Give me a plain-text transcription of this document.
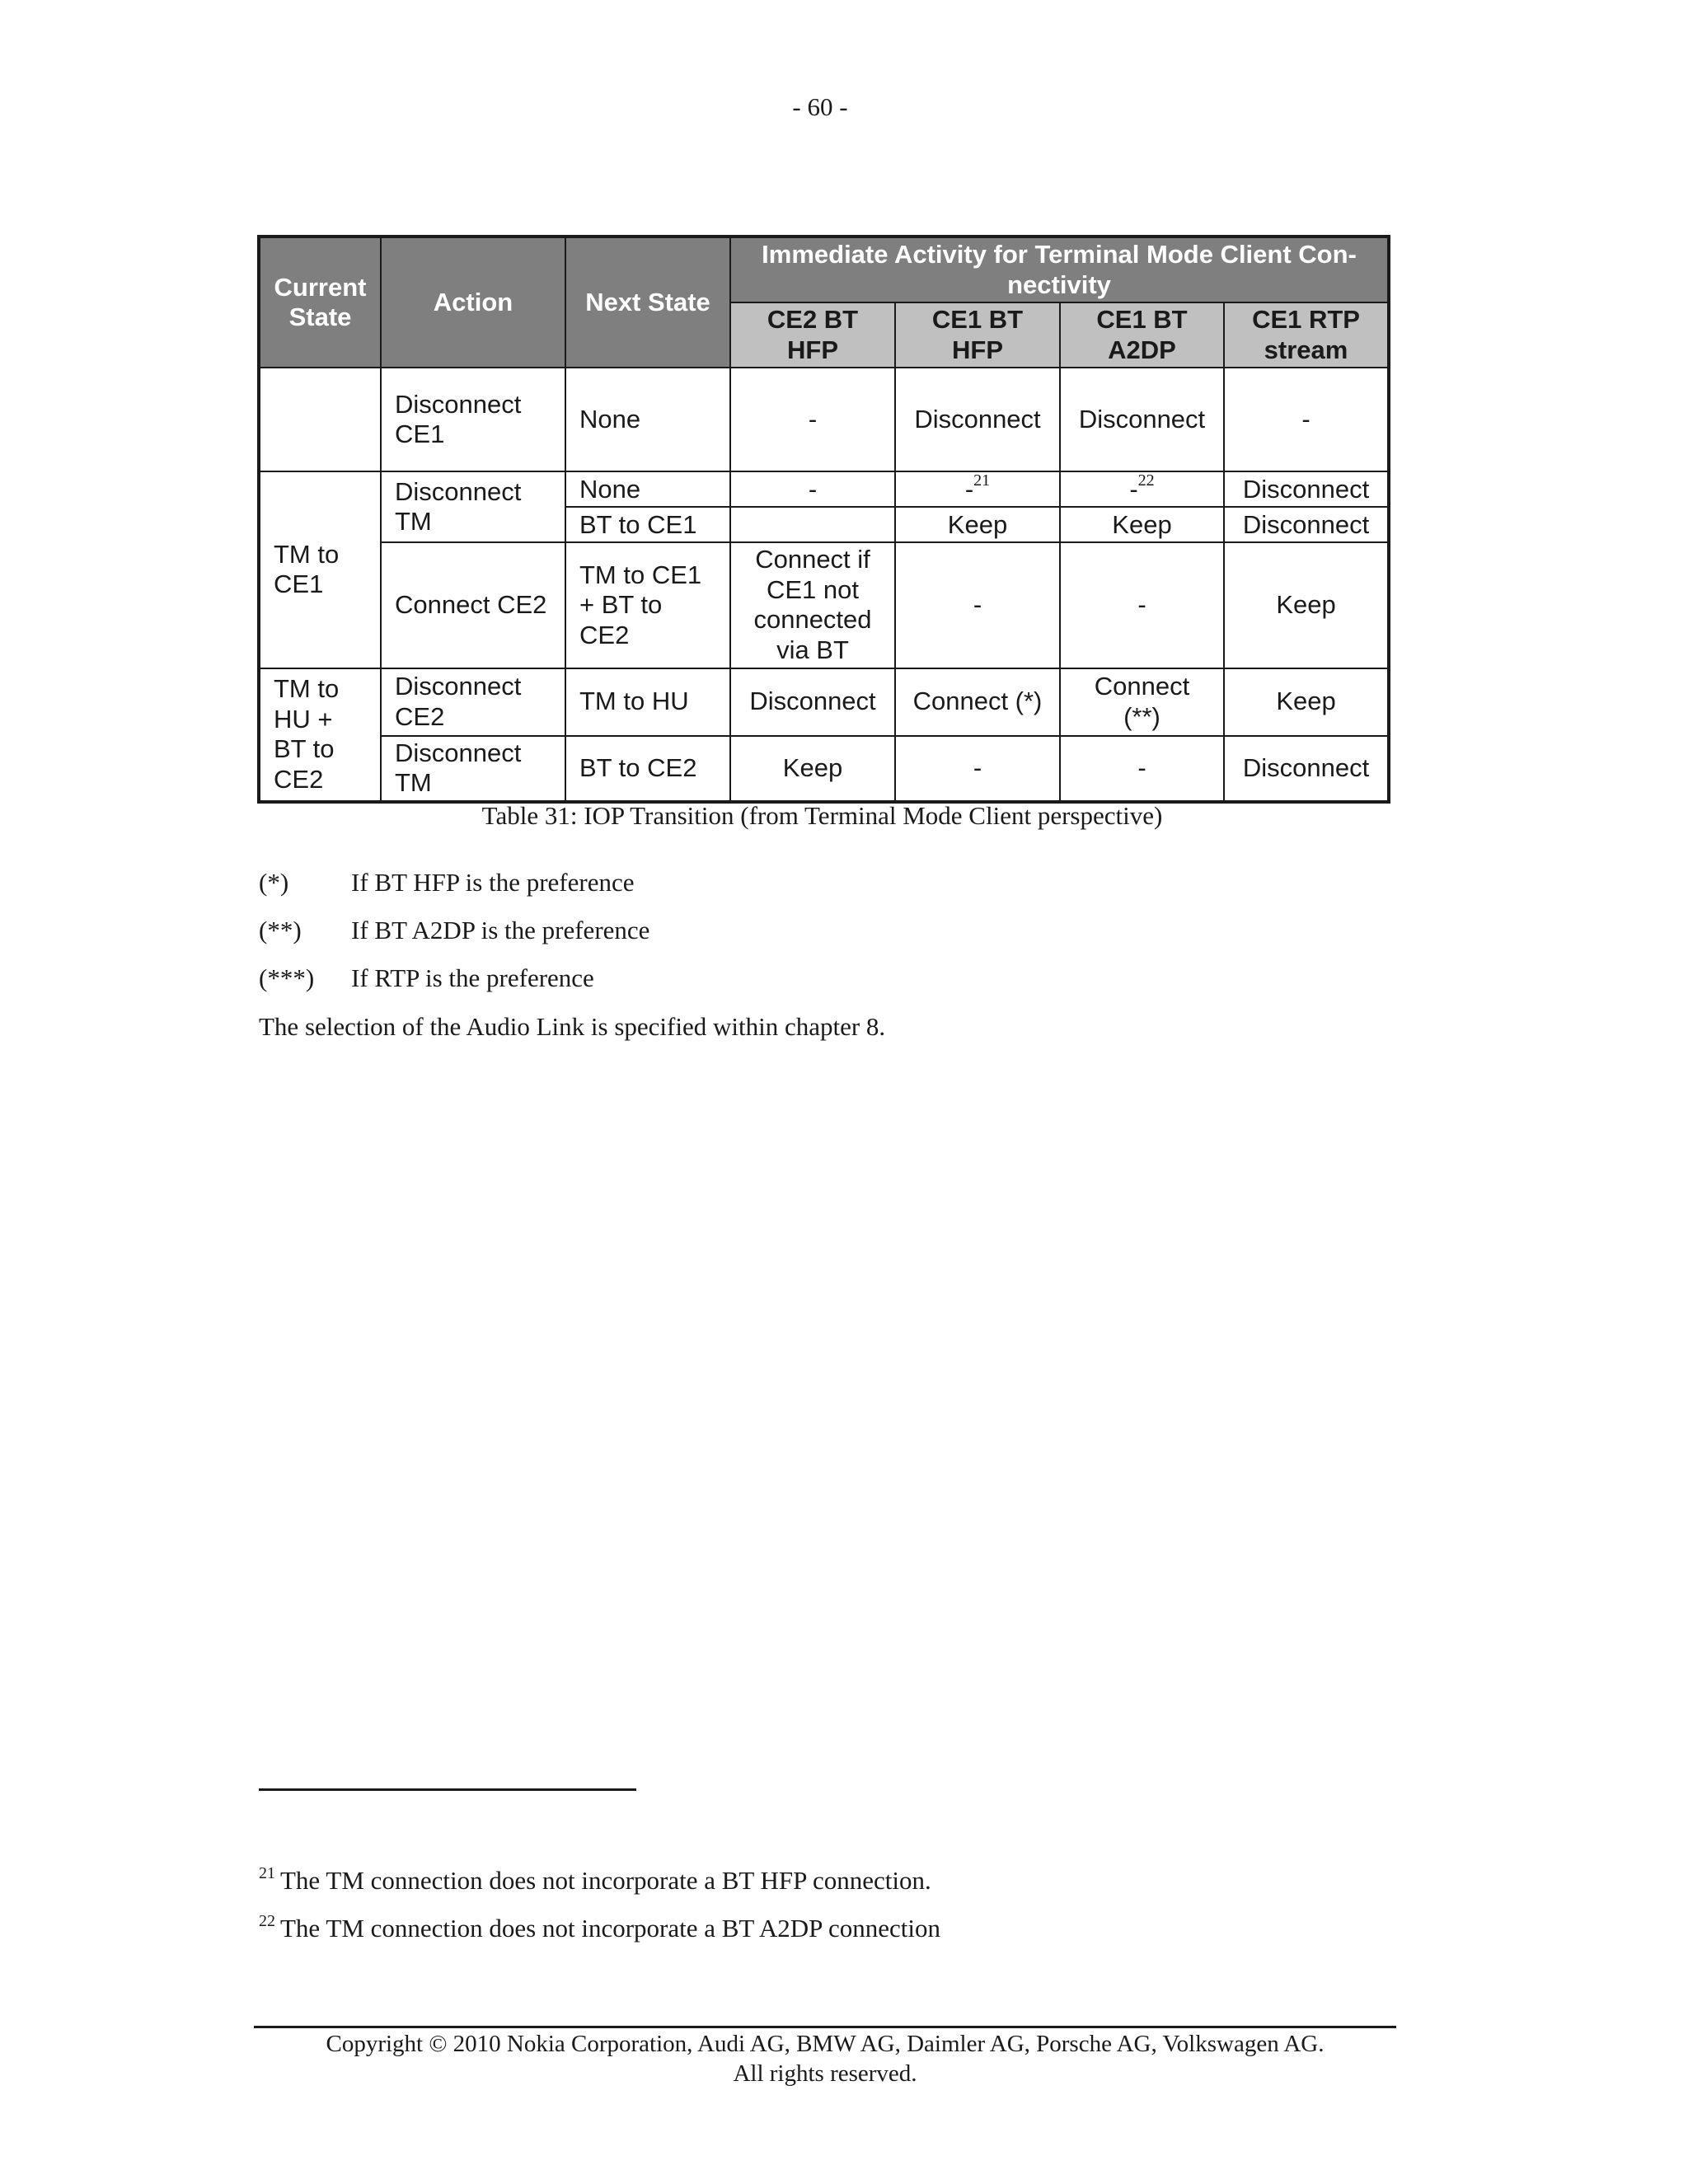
- 60 -
Current State	Action	Next State	Immediate Activity for Terminal Mode Client Con-nectivity			
			CE2 BT HFP	CE1 BT HFP	CE1 BT A2DP	CE1 RTP stream
	Disconnect CE1	None	-	Disconnect	Disconnect	-
TM to CE1	Disconnect TM	None	-	-$^{21}$	-$^{22}$	Disconnect
		BT to CE1		Keep	Keep	Disconnect
	Connect CE2	TM to CE1 + BT to CE2	Connect if CE1 not connected via BT	-	-	Keep
TM to HU + BT to CE2	Disconnect CE2	TM to HU	Disconnect	Connect (*)	Connect (**)	Keep
	Disconnect TM	BT to CE2	Keep	-	-	Disconnect
Table 31: IOP Transition (from Terminal Mode Client perspective)
(*) If BT HFP is the preference
(**) If BT A2DP is the preference
(***) If RTP is the preference
The selection of the Audio Link is specified within chapter 8.
$^{21}$ The TM connection does not incorporate a BT HFP connection.
$^{22}$ The TM connection does not incorporate a BT A2DP connection
Copyright © 2010 Nokia Corporation, Audi AG, BMW AG, Daimler AG, Porsche AG, Volkswagen AG.
All rights reserved.
